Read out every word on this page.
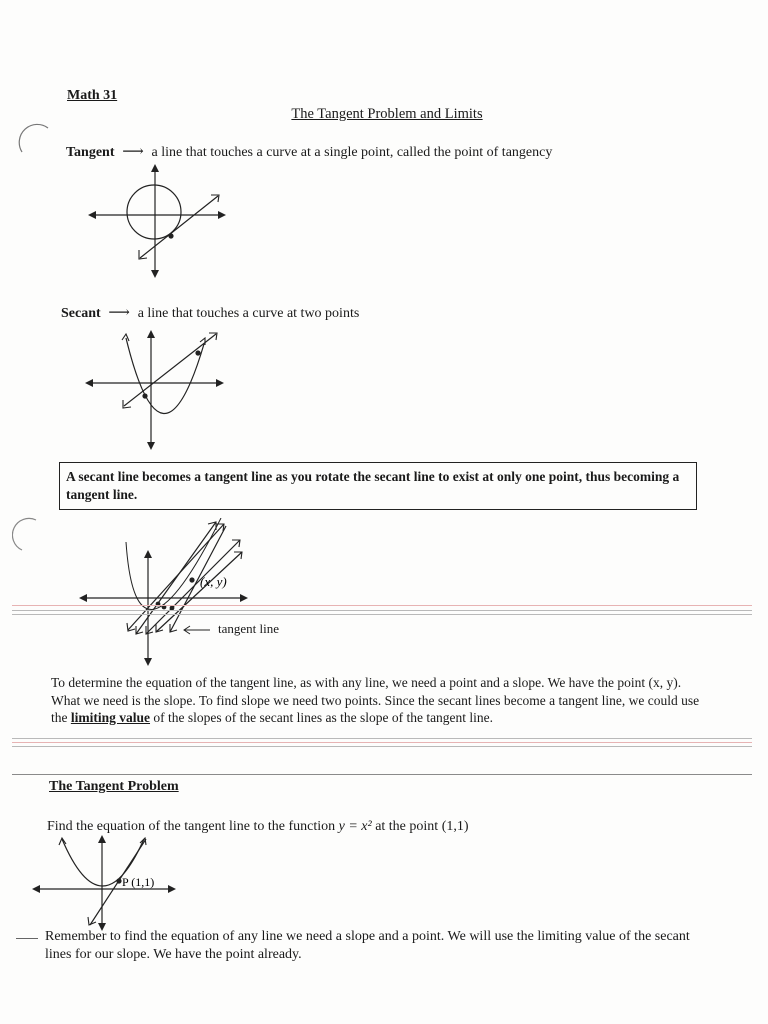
Math 31
The Tangent Problem and Limits
Tangent  ⟶  a line that touches a curve at a single point, called the point of tangency
Secant  ⟶  a line that touches a curve at two points
A secant line becomes a tangent line as you rotate the secant line to exist at only one point, thus becoming a tangent line.
(x, y)
tangent line
To determine the equation of the tangent line, as with any line, we need a point and a slope. We have the point (x, y). What we need is the slope. To find slope we need two points. Since the secant lines become a tangent line, we could use the limiting value of the slopes of the secant lines as the slope of the tangent line.
The Tangent Problem
Find the equation of the tangent line to the function y = x² at the point (1,1)
P (1,1)
Remember to find the equation of any line we need a slope and a point. We will use the limiting value of the secant lines for our slope. We have the point already.
